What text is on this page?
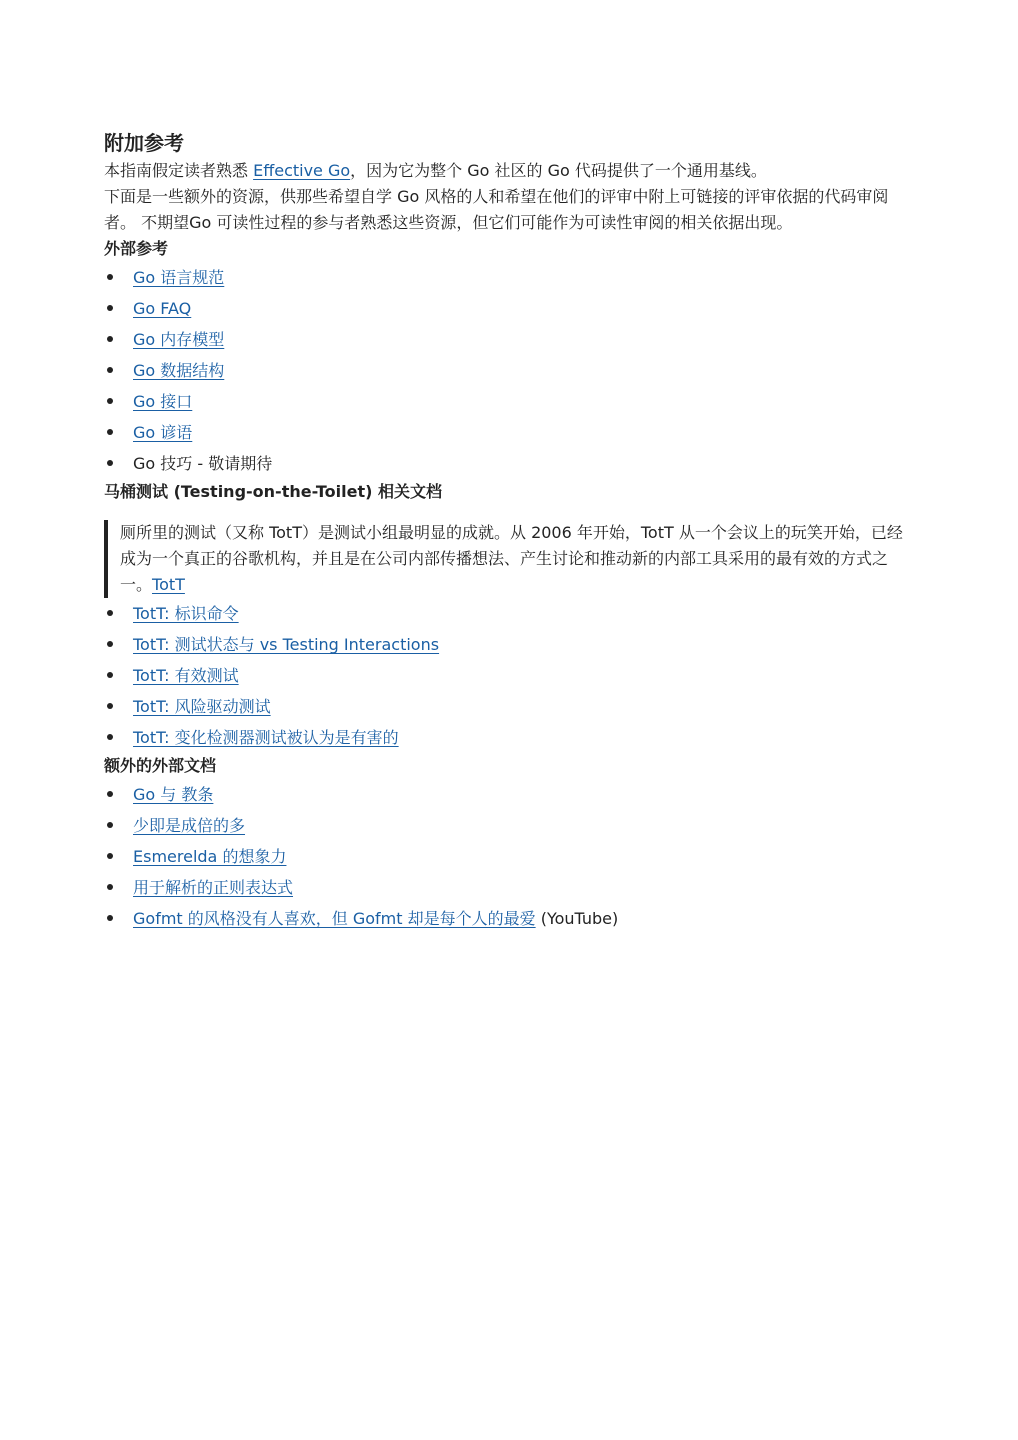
附加参考

本指南假定读者熟悉 Effective Go，因为它为整个 Go 社区的 Go 代码提供了一个通用基线。

下面是一些额外的资源，供那些希望自学 Go 风格的人和希望在他们的评审中附上可链接的评审依据的代码审阅者。 不期望Go 可读性过程的参与者熟悉这些资源，但它们可能作为可读性审阅的相关依据出现。

外部参考
Go 语言规范
Go FAQ
Go 内存模型
Go 数据结构
Go 接口
Go 谚语
Go 技巧 - 敬请期待
马桶测试 (Testing-on-the-Toilet) 相关文档
厕所里的测试（又称 TotT）是测试小组最明显的成就。从 2006 年开始，TotT 从一个会议上的玩笑开始，已经成为一个真正的谷歌机构，并且是在公司内部传播想法、产生讨论和推动新的内部工具采用的最有效的方式之一。TotT
TotT: 标识命令
TotT: 测试状态与 vs Testing Interactions
TotT: 有效测试
TotT: 风险驱动测试
TotT: 变化检测器测试被认为是有害的
额外的外部文档
Go 与 教条
少即是成倍的多
Esmerelda 的想象力
用于解析的正则表达式
Gofmt 的风格没有人喜欢，但 Gofmt 却是每个人的最爱 (YouTube)
